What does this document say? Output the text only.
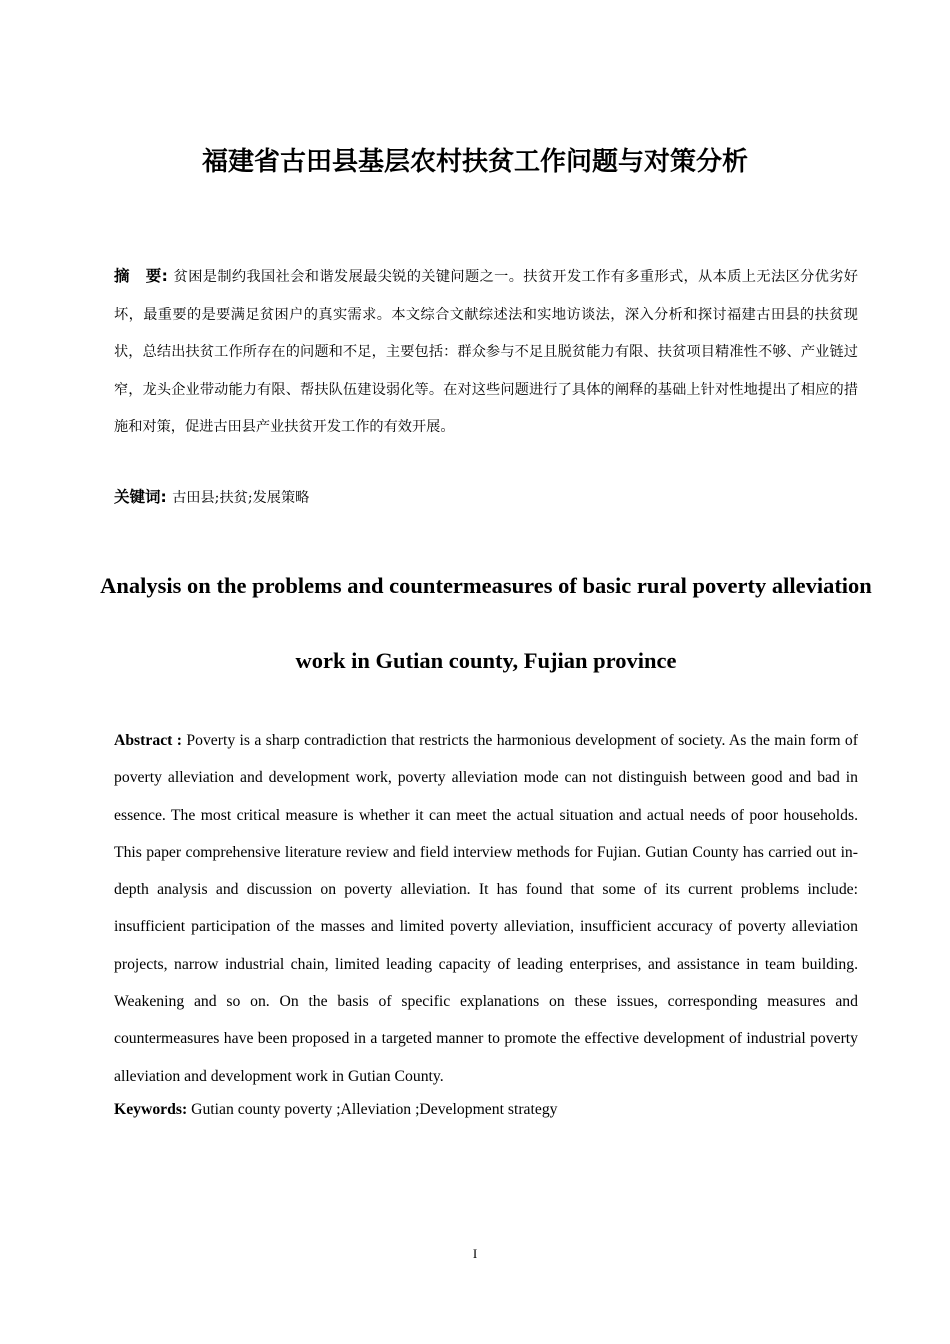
福建省古田县基层农村扶贫工作问题与对策分析
摘　要: 贫困是制约我国社会和谐发展最尖锐的关键问题之一。扶贫开发工作有多重形式，从本质上无法区分优劣好坏，最重要的是要满足贫困户的真实需求。本文综合文献综述法和实地访谈法，深入分析和探讨福建古田县的扶贫现状，总结出扶贫工作所存在的问题和不足，主要包括：群众参与不足且脱贫能力有限、扶贫项目精准性不够、产业链过窄，龙头企业带动能力有限、帮扶队伍建设弱化等。在对这些问题进行了具体的阐释的基础上针对性地提出了相应的措施和对策，促进古田县产业扶贫开发工作的有效开展。
关键词: 古田县;扶贫;发展策略
Analysis on the problems and countermeasures of basic rural poverty alleviation work in Gutian county, Fujian province
Abstract : Poverty is a sharp contradiction that restricts the harmonious development of society. As the main form of poverty alleviation and development work, poverty alleviation mode can not distinguish between good and bad in essence. The most critical measure is whether it can meet the actual situation and actual needs of poor households. This paper comprehensive literature review and field interview methods for Fujian. Gutian County has carried out in-depth analysis and discussion on poverty alleviation. It has found that some of its current problems include: insufficient participation of the masses and limited poverty alleviation, insufficient accuracy of poverty alleviation projects, narrow industrial chain, limited leading capacity of leading enterprises, and assistance in team building. Weakening and so on. On the basis of specific explanations on these issues, corresponding measures and countermeasures have been proposed in a targeted manner to promote the effective development of industrial poverty alleviation and development work in Gutian County.
Keywords: Gutian county poverty ;Alleviation ;Development strategy
I
